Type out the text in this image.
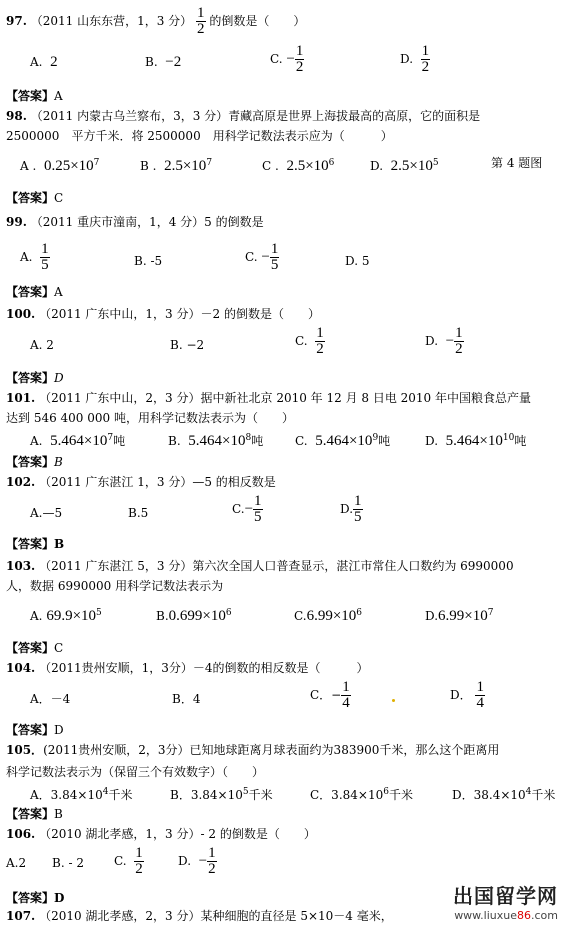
97. （2011 山东东营，1，3 分） $\frac{1}{2}$ 的倒数是（　　）
A. 2	B. −2	C. − $\frac{1}{2}$	D. $\frac{1}{2}$
【答案】A
98. （2011 内蒙古乌兰察布，3，3 分）青藏高原是世界上海拔最高的高原，它的面积是
2500000　平方千米．将 2500000　用科学记数法表示应为（　　　）
A . $0.25\times 10^7$	B . $2.5\times 10^7$	C . $2.5\times 10^6$	D. $2.5\times 10^5$	第 4 题图
【答案】C
99. （2011 重庆市潼南，1，4 分）5 的倒数是
A. $\frac{1}{5}$	B. -5	C. − $\frac{1}{5}$	D. 5
【答案】A
100. （2011 广东中山，1，3 分）－2 的倒数是（　　）
A. 2	B. −2	C. $\frac{1}{2}$	D. − $\frac{1}{2}$
【答案】D
101. （2011 广东中山，2，3 分）据中新社北京 2010 年 12 月 8 日电 2010 年中国粮食总产量
达到 546 400 000 吨，用科学记数法表示为（　　）
A. $5.464\times 10^7$吨	B. $5.464\times 10^8$吨	C. $5.464\times 10^9$吨	D. $5.464\times 10^{10}$吨
【答案】B
102. （2011 广东湛江 1，3 分）—5 的相反数是
A.—5	B.5	$C.- \frac{1}{5}$	D. $\frac{1}{5}$
【答案】B
103. （2011 广东湛江 5，3 分）第六次全国人口普查显示，湛江市常住人口数约为 6990000
人，数据 6990000 用科学记数法表示为
A. $69.9\times 10^5$	$B.0.699\times 10^6$	$C.6.99\times 10^6$	$D.6.99\times 10^7$
【答案】C
104. （2011贵州安顺，1，3分）－4的倒数的相反数是（　　　）
A．－4	B．4	C．− $\frac{1}{4}$	D． $\frac{1}{4}$
【答案】D
105．(2011贵州安顺，2，3分）已知地球距离月球表面约为383900千米，那么这个距离用
科学记数法表示为（保留三个有效数字）（　　）
A．$3.84\times 10^4$千米	B．$3.84\times 10^5$千米	C．$3.84\times 10^6$千米	D．$38.4\times 10^4$千米
【答案】B
106. （2010 湖北孝感，1，3 分）- 2 的倒数是（　　）
A.2 B. - 2	C. $\frac{1}{2}$	D. − $\frac{1}{2}$
【答案】D
107. （2010 湖北孝感，2，3 分）某种细胞的直径是 5×10－4 毫米，
出国留学网
www.liuxue86.com
